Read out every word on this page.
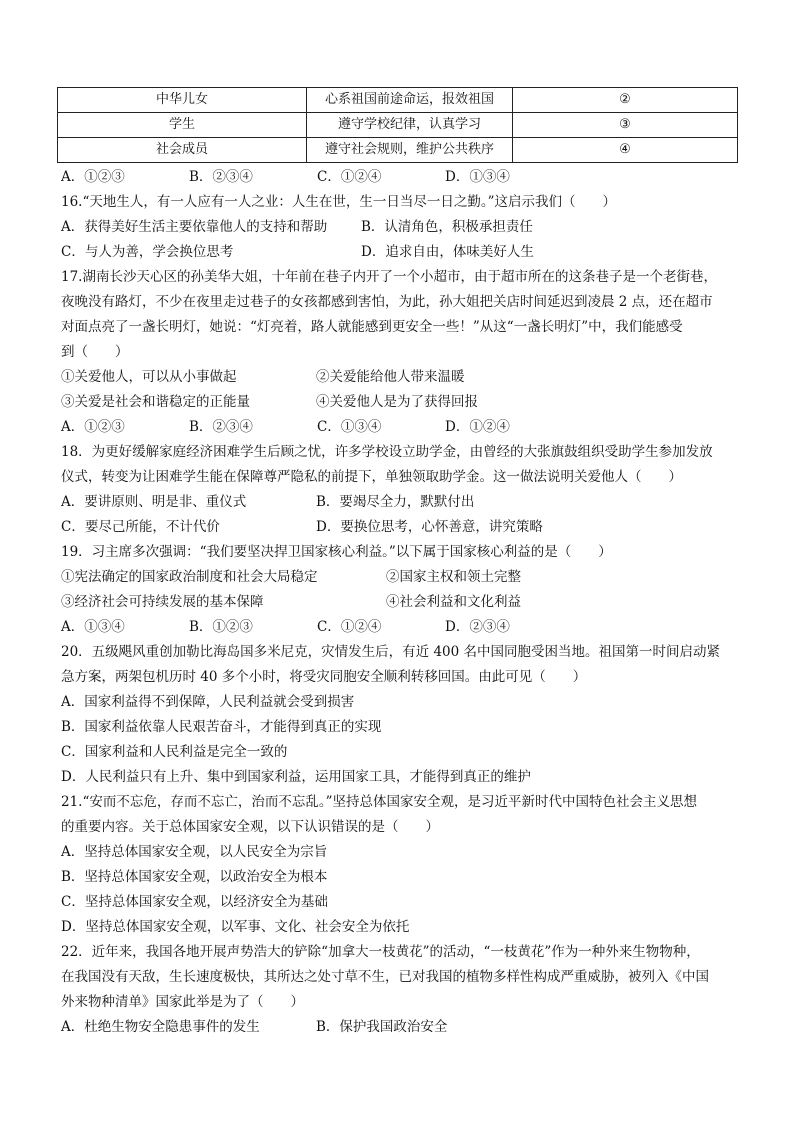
中华儿女	心系祖国前途命运，报效祖国	②
学生	遵守学校纪律，认真学习	③
社会成员	遵守社会规则，维护公共秩序	④
A．①②③	B．②③④	C．①②④	D．①③④
16.“天地生人，有一人应有一人之业：人生在世，生一日当尽一日之勤。”这启示我们（　　）
A．获得美好生活主要依靠他人的支持和帮助	B．认清角色，积极承担责任
C．与人为善，学会换位思考	D．追求自由，体味美好人生
17.湖南长沙天心区的孙美华大姐，十年前在巷子内开了一个小超市，由于超市所在的这条巷子是一个老街巷，
夜晚没有路灯，不少在夜里走过巷子的女孩都感到害怕，为此，孙大姐把关店时间延迟到凌晨 2 点，还在超市
对面点亮了一盏长明灯，她说：“灯亮着，路人就能感到更安全一些！”从这“一盏长明灯”中，我们能感受
到（　　）
①关爱他人，可以从小事做起	②关爱能给他人带来温暖
③关爱是社会和谐稳定的正能量	④关爱他人是为了获得回报
A．①②③	B．②③④	C．①③④	D．①②④
18．为更好缓解家庭经济困难学生后顾之忧，许多学校设立助学金，由曾经的大张旗鼓组织受助学生参加发放
仪式，转变为让困难学生能在保障尊严隐私的前提下，单独领取助学金。这一做法说明关爱他人（　　）
A．要讲原则、明是非、重仪式	B．要竭尽全力，默默付出
C．要尽己所能，不计代价	D．要换位思考，心怀善意，讲究策略
19．习主席多次强调：“我们要坚决捍卫国家核心利益。”以下属于国家核心利益的是（　　）
①宪法确定的国家政治制度和社会大局稳定	②国家主权和领土完整
③经济社会可持续发展的基本保障	④社会利益和文化利益
A．①③④	B．①②③	C．①②④	D．②③④
20．五级飓风重创加勒比海岛国多米尼克，灾情发生后，有近 400 名中国同胞受困当地。祖国第一时间启动紧
急方案，两架包机历时 40 多个小时，将受灾同胞安全顺利转移回国。由此可见（　　）
A．国家利益得不到保障，人民利益就会受到损害
B．国家利益依靠人民艰苦奋斗，才能得到真正的实现
C．国家利益和人民利益是完全一致的
D．人民利益只有上升、集中到国家利益，运用国家工具，才能得到真正的维护
21.“安而不忘危，存而不忘亡，治而不忘乱。”坚持总体国家安全观，是习近平新时代中国特色社会主义思想
的重要内容。关于总体国家安全观，以下认识错误的是（　　）
A．坚持总体国家安全观，以人民安全为宗旨
B．坚持总体国家安全观，以政治安全为根本
C．坚持总体国家安全观，以经济安全为基础
D．坚持总体国家安全观，以军事、文化、社会安全为依托
22．近年来，我国各地开展声势浩大的铲除“加拿大一枝黄花”的活动，“一枝黄花”作为一种外来生物物种，
在我国没有天敌，生长速度极快，其所达之处寸草不生，已对我国的植物多样性构成严重威胁，被列入《中国
外来物种清单》国家此举是为了（　　）
A．杜绝生物安全隐患事件的发生	B．保护我国政治安全
